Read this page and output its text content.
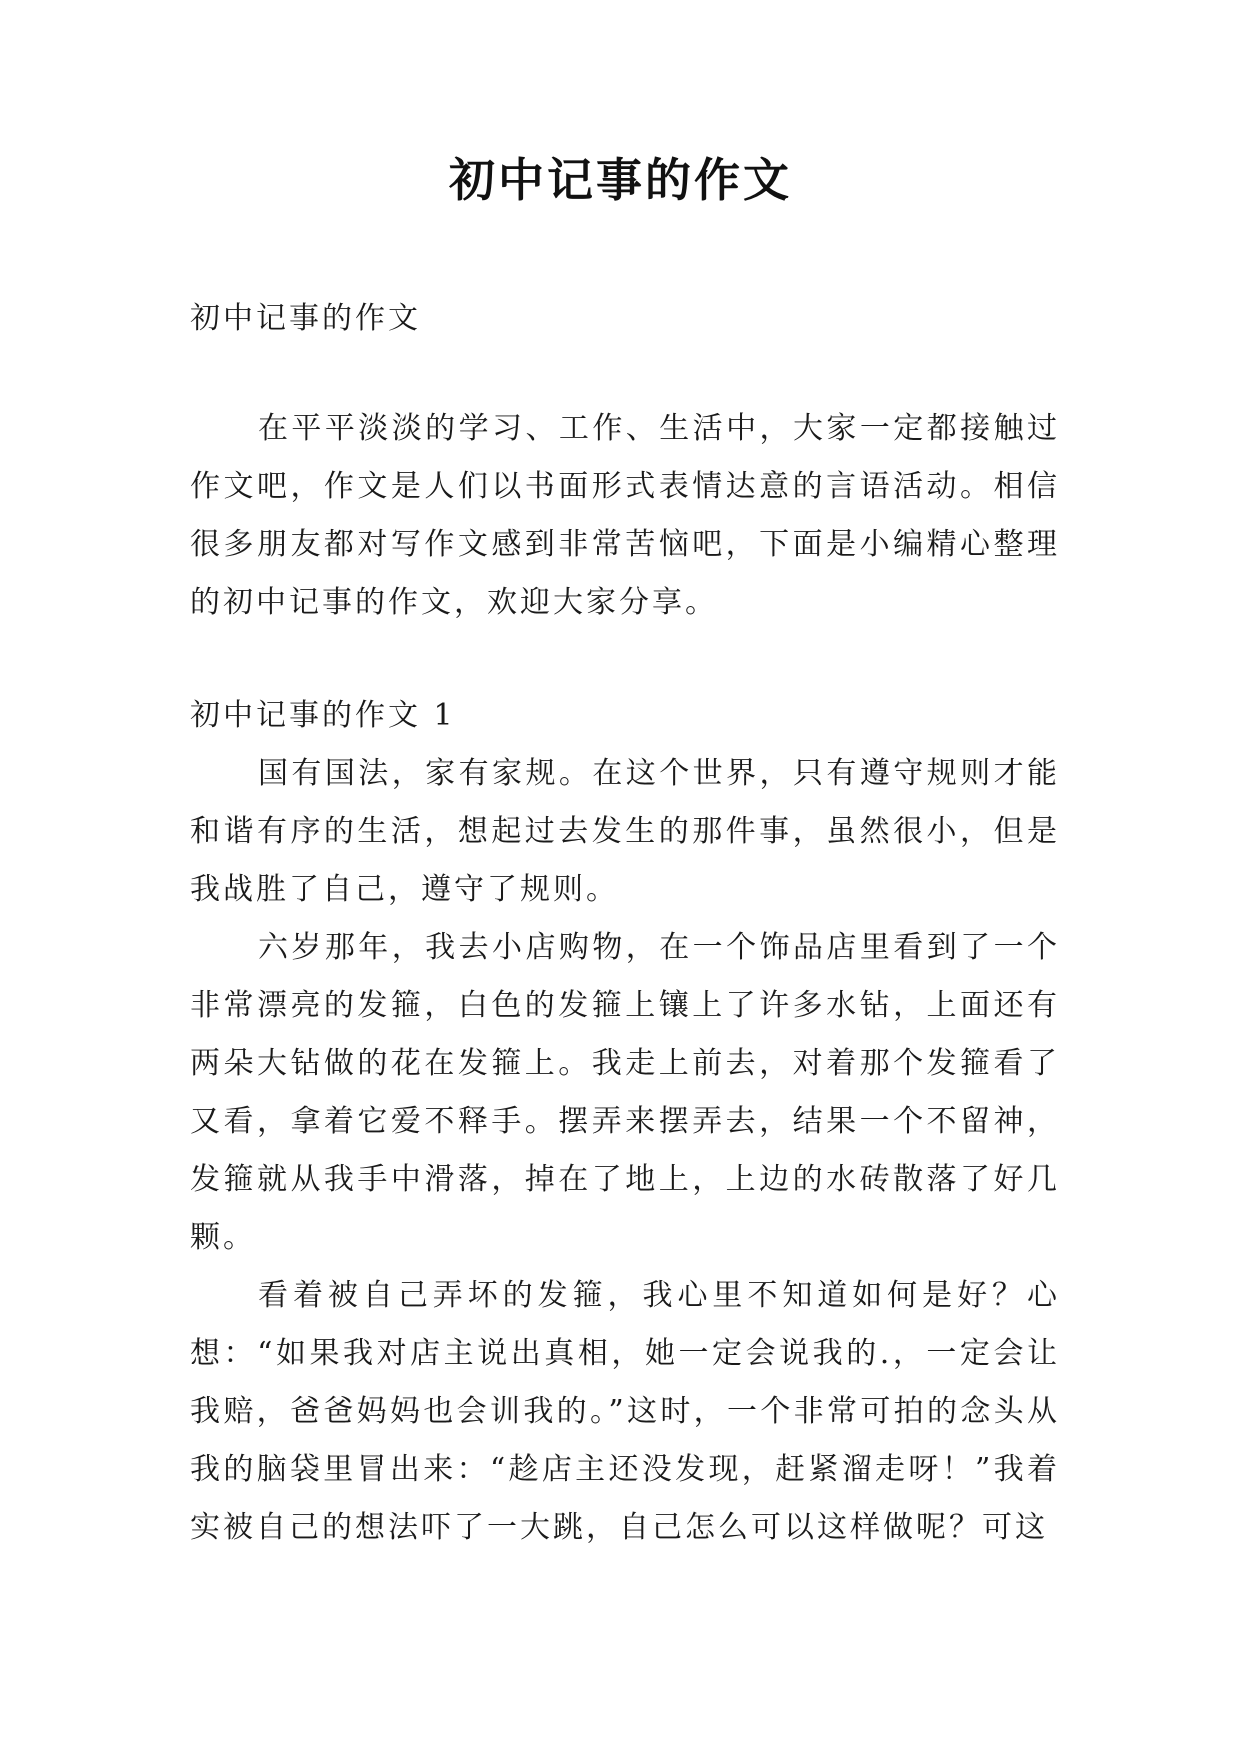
初中记事的作文

初中记事的作文

在平平淡淡的学习、工作、生活中，大家一定都接触过作文吧，作文是人们以书面形式表情达意的言语活动。相信很多朋友都对写作文感到非常苦恼吧，下面是小编精心整理的初中记事的作文，欢迎大家分享。

初中记事的作文 1

国有国法，家有家规。在这个世界，只有遵守规则才能和谐有序的生活，想起过去发生的那件事，虽然很小，但是我战胜了自己，遵守了规则。

六岁那年，我去小店购物，在一个饰品店里看到了一个非常漂亮的发箍，白色的发箍上镶上了许多水钻，上面还有两朵大钻做的花在发箍上。我走上前去，对着那个发箍看了又看，拿着它爱不释手。摆弄来摆弄去，结果一个不留神，发箍就从我手中滑落，掉在了地上，上边的水砖散落了好几颗。

看着被自己弄坏的发箍，我心里不知道如何是好？心想：“如果我对店主说出真相，她一定会说我的.，一定会让我赔，爸爸妈妈也会训我的。”这时，一个非常可拍的念头从我的脑袋里冒出来：“趁店主还没发现，赶紧溜走呀！”我着实被自己的想法吓了一大跳，自己怎么可以这样做呢？可这
